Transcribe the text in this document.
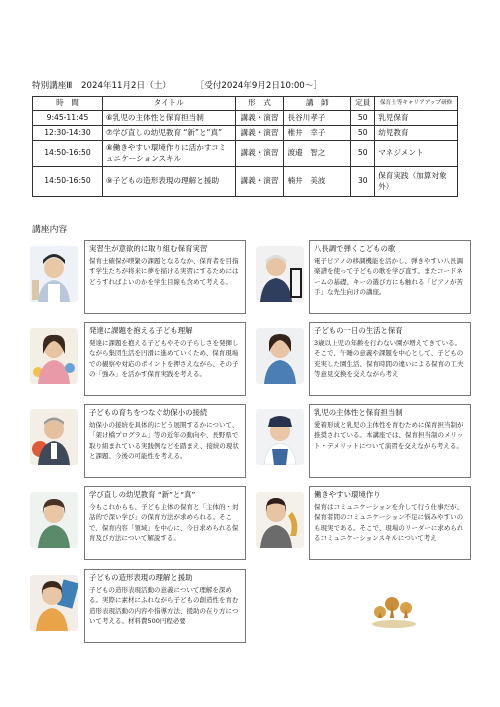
特別講座Ⅲ 2024年11月2日（土）	［受付2024年9月2日10:00～］
時　間	タイトル	形　式	講　師	定員	保育士等キャリアアップ研修
9:45-11:45	⑥乳児の主体性と保育担当制	講義・演習	長谷川孝子	50	乳児保育
12:30-14:30	⑦学び直しの幼児教育 “新”と“真”	講義・演習	稚井　幸子	50	幼児教育
14:50-16:50	⑧働きやすい環境作りに活かすコミュニケーションスキル	講義・演習	渡邉　智之	50	マネジメント
14:50-16:50	⑨子どもの造形表現の理解と援助	講義・演習	楠井　美波	30	保育実践（加算対象外）
講座内容
実習生が意欲的に取り組む保育実習
保育士確保が喫緊の課題となるなか、保育者を目指す学生たちが将来に夢を描ける実習にするためにはどうすればよいのかを学生目線も含めて考える。
発達に課題を抱える子ども理解
発達に課題を抱える子どもやその子らしさを発揮しながら集団生活を円滑に進めていくため、保育現場での観察や対応のポイントを押さえながら、その子の「強み」を活かす保育実践を考える。
子どもの育ちをつなぐ幼保小の接続
幼保小の接続を具体的にどう展開するかについて、「架け橋プログラム」等の近年の動向や、長野県で取り組まれている実践例などを踏まえ、接続の現状と課題、今後の可能性を考える。
学び直しの幼児教育 “新”と“真”
今もこれからも、子ども主体の保育と「主体的・対話的で深い学び」の保育方法が求められる。そこで、保育内容「領域」を中心に、今日求められる保育及び方法について解説する。
子どもの造形表現の理解と援助
子どもの造形表現活動の意義について理解を深める。実際に素材にふれながら子どもの創造性を育む造形表現活動の内容や指導方法、援助の在り方について考える。材料費500円程必要
八長調で弾くこどもの歌
電子ピアノの移調機能を活かし、弾きやすい八長調楽譜を使って子どもの歌を学び直す。またコードネームの基礎、キーの選び方にも触れる「ピアノが苦手」な先生向けの講座。
子どもの一日の生活と保育
3歳以上児の年齢を行わない園が増えてきている。そこで、午睡の意義や課題を中心として、子どもの充実した園生活、保育時間の違いによる保育の工夫等意見交換を交えながら考え
乳児の主体性と保育担当制
愛着形成と乳児の主体性を育むために保育担当制が推奨されている。本講座では、保育担当制のメリット・デメリットについて演習を交えながら考える。
働きやすい環境作り
保育はコミュニケーションを介して行う仕事だが、保育者間のコミュニケーション不足に悩みやすいのも現実である。そこで、現場のリーダーに求められるコミュニケーションスキルについて考え
